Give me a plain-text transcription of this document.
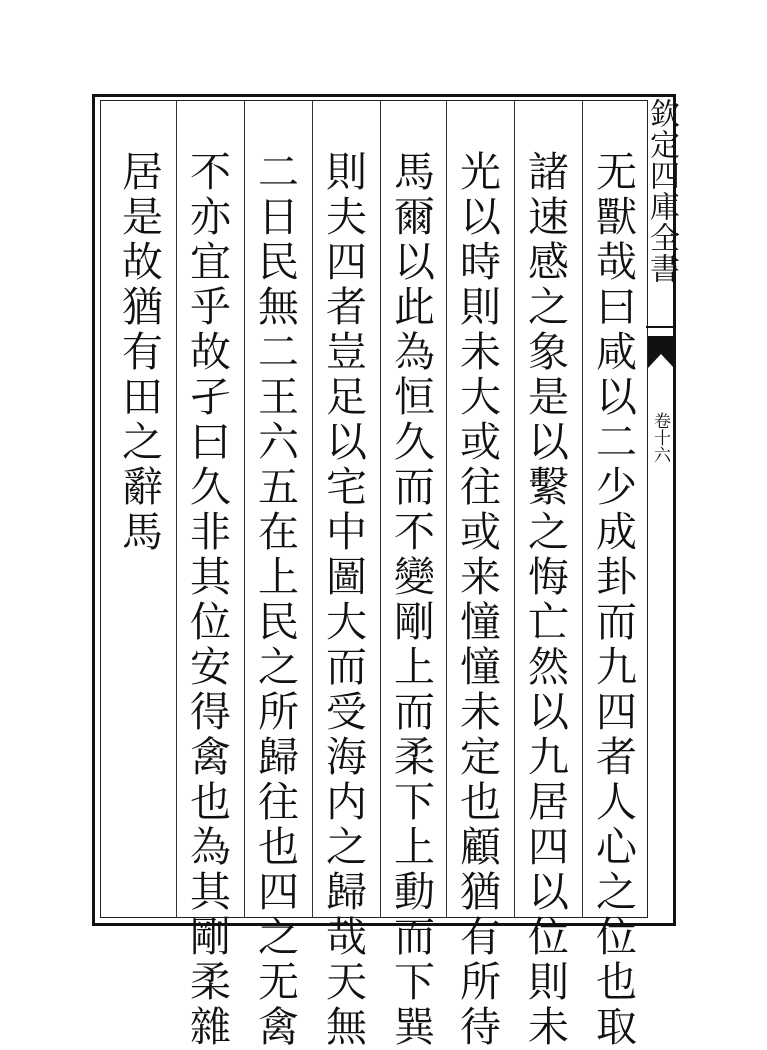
无獸哉曰咸以二少成卦而九四者人心之位也取

諸速感之象是以繫之悔亡然以九居四以位則未

光以時則未大或往或来憧憧未定也顧猶有所待

馬爾以此為恒久而不變剛上而柔下上動而下巽

則夫四者豈足以宅中圖大而受海内之歸哉天無

二日民無二王六五在上民之所歸往也四之无禽

不亦宜乎故孑曰久非其位安得禽也為其剛柔雜

居是故猶有田之辭馬	欽定四庫全書
卷十六
